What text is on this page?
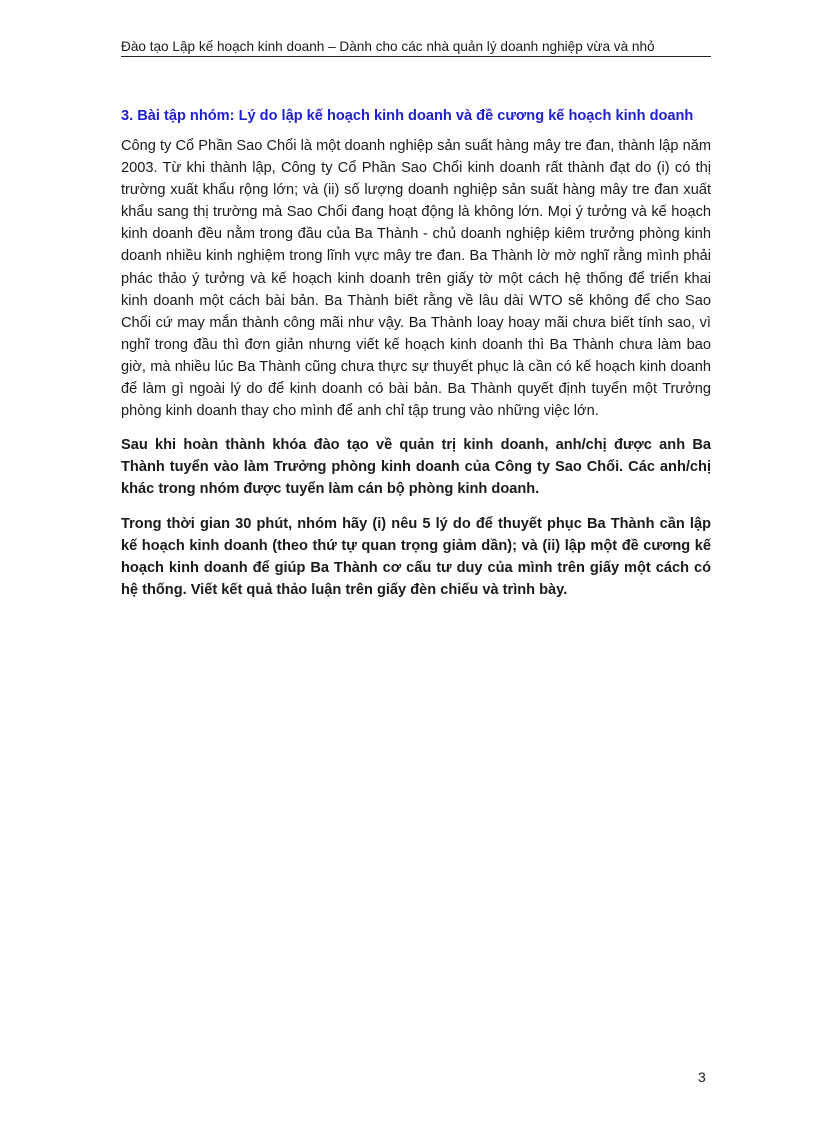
Đào tạo Lập kế hoạch kinh doanh – Dành cho các nhà quản lý doanh nghiệp vừa và nhỏ
3. Bài tập nhóm: Lý do lập kế hoạch kinh doanh và đề cương kế hoạch kinh doanh

Công ty Cổ Phần Sao Chổi là một doanh nghiệp sản suất hàng mây tre đan, thành lập năm 2003. Từ khi thành lập, Công ty Cổ Phần Sao Chổi kinh doanh rất thành đạt do (i) có thị trường xuất khẩu rộng lớn; và (ii) số lượng doanh nghiệp sản suất hàng mây tre đan xuất khẩu sang thị trường mà Sao Chổi đang hoạt động là không lớn. Mọi ý tưởng và kế hoạch kinh doanh đều nằm trong đầu của Ba Thành - chủ doanh nghiệp kiêm trưởng phòng kinh doanh nhiều kinh nghiệm trong lĩnh vực mây tre đan. Ba Thành lờ mờ nghĩ rằng mình phải phác thảo ý tưởng và kế hoạch kinh doanh trên giấy tờ một cách hệ thống để triển khai kinh doanh một cách bài bản. Ba Thành biết rằng về lâu dài WTO sẽ không để cho Sao Chổi cứ may mắn thành công mãi như vậy. Ba Thành loay hoay mãi chưa biết tính sao, vì nghĩ trong đầu thì đơn giản nhưng viết kế hoạch kinh doanh thì Ba Thành chưa làm bao giờ, mà nhiều lúc Ba Thành cũng chưa thực sự thuyết phục là cần có kế hoạch kinh doanh để làm gì ngoài lý do để kinh doanh có bài bản. Ba Thành quyết định tuyển một Trưởng phòng kinh doanh thay cho mình để anh chỉ tập trung vào những việc lớn.

Sau khi hoàn thành khóa đào tạo về quản trị kinh doanh, anh/chị được anh Ba Thành tuyển vào làm Trưởng phòng kinh doanh của Công ty Sao Chổi. Các anh/chị khác trong nhóm được tuyển làm cán bộ phòng kinh doanh.

Trong thời gian 30 phút, nhóm hãy (i) nêu 5 lý do để thuyết phục Ba Thành cần lập kế hoạch kinh doanh (theo thứ tự quan trọng giảm dần); và (ii) lập một đề cương kế hoạch kinh doanh để giúp Ba Thành cơ cấu tư duy của mình trên giấy một cách có hệ thống. Viết kết quả thảo luận trên giấy đèn chiếu và trình bày.

3
